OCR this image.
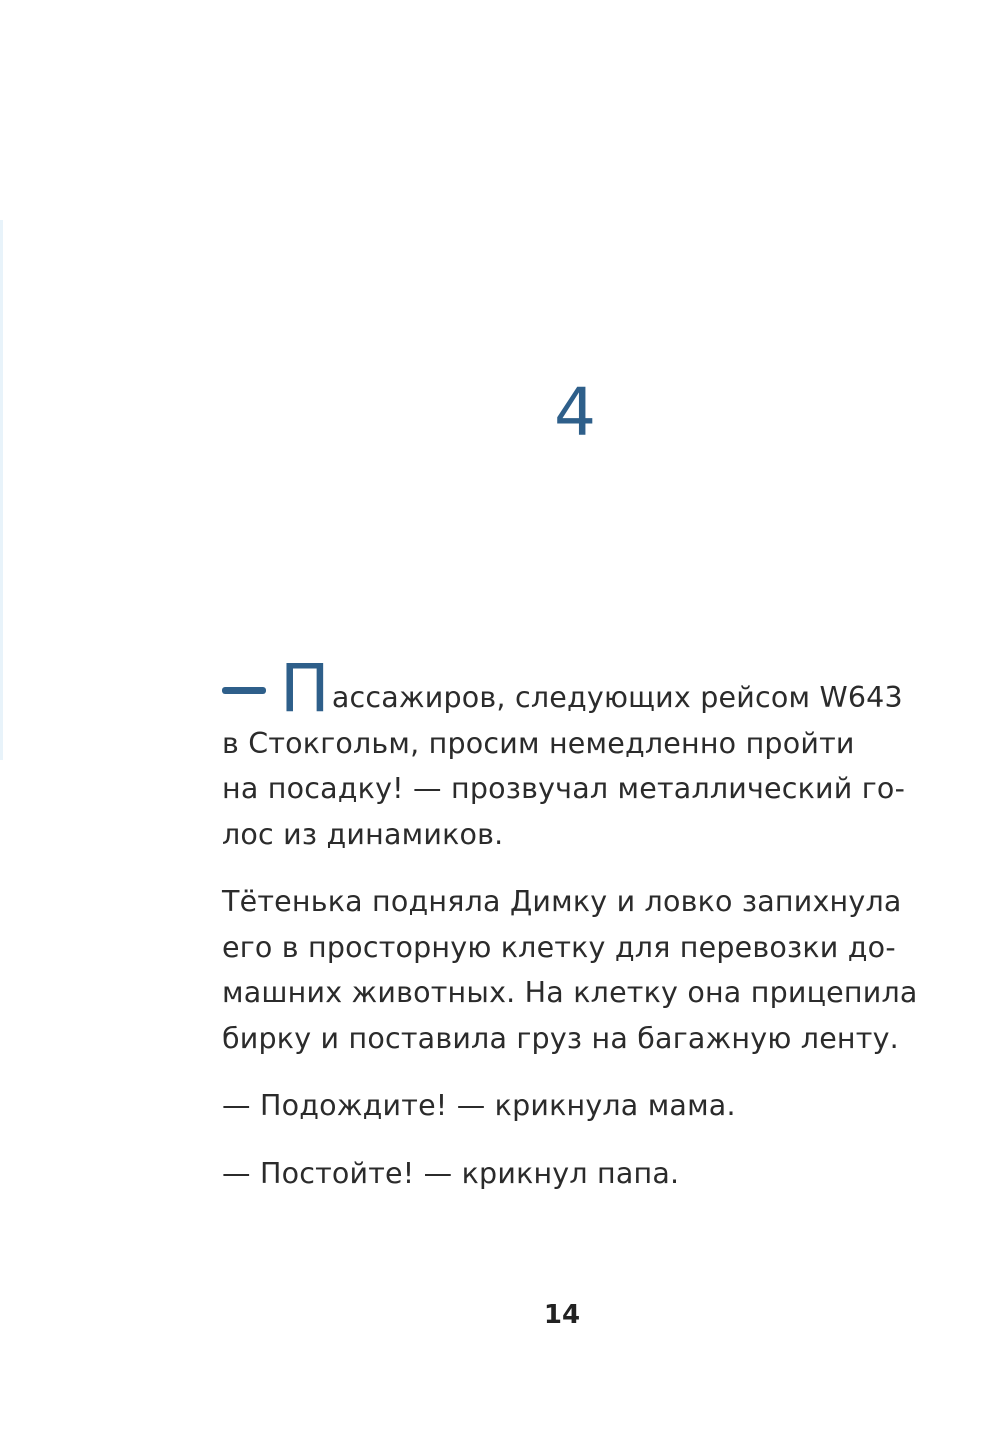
4

Пассажиров, следующих рейсом W643
в Стокгольм, просим немедленно пройти
на посадку! — прозвучал металлический го-
лос из динамиков.

Тётенька подняла Димку и ловко запихнула
его в просторную клетку для перевозки до-
машних животных. На клетку она прицепила
бирку и поставила груз на багажную ленту.

— Подождите! — крикнула мама.

— Постойте! — крикнул папа.

14
